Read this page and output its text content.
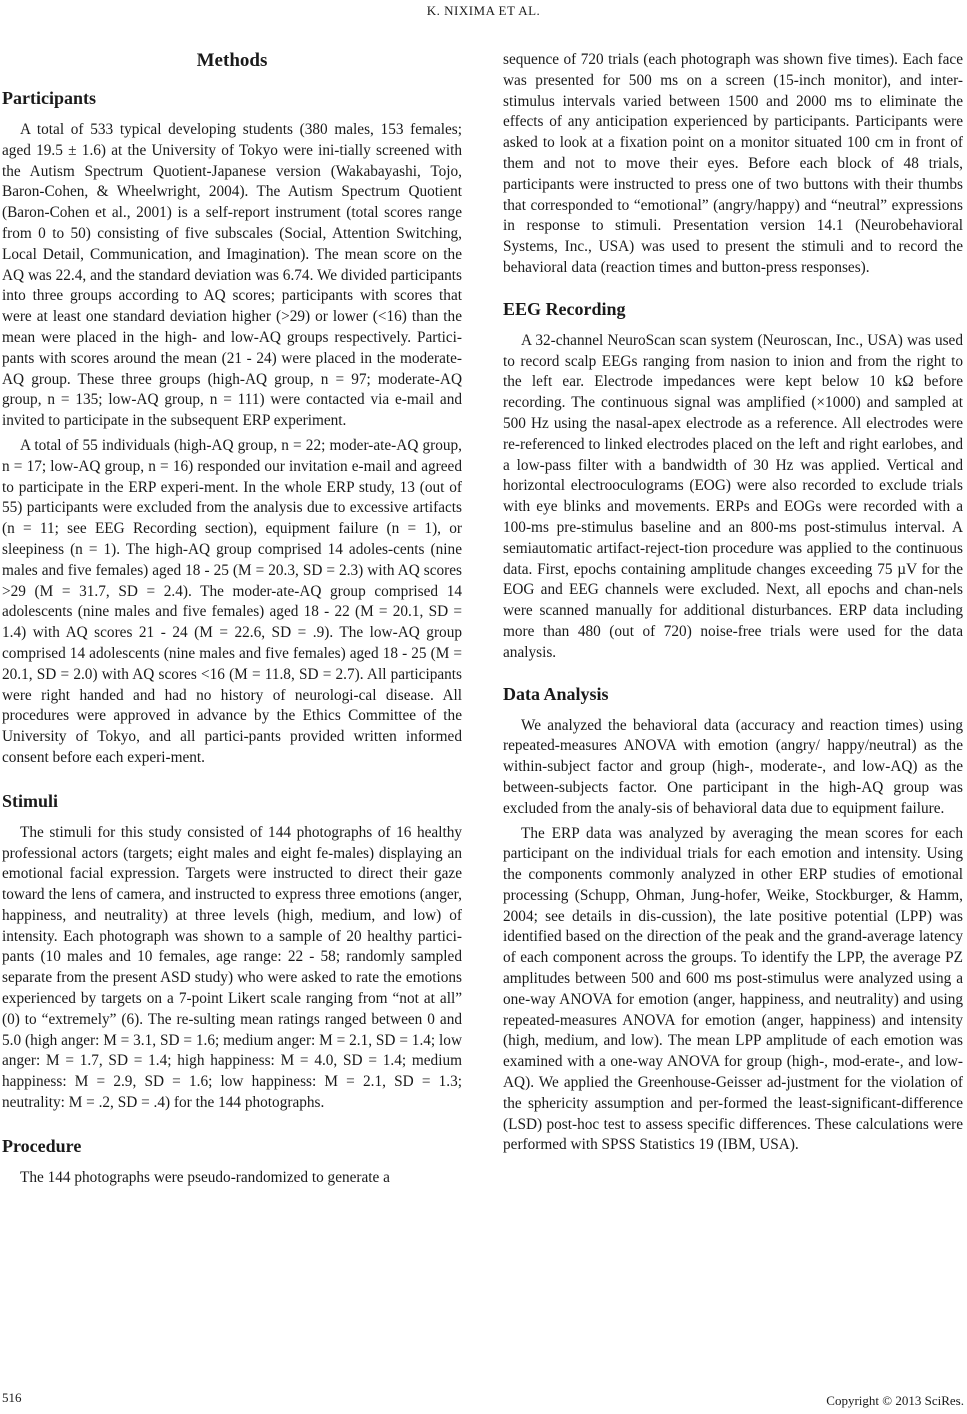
K. NIXIMA ET AL.
Methods
Participants

A total of 533 typical developing students (380 males, 153 females; aged 19.5 ± 1.6) at the University of Tokyo were ini-tially screened with the Autism Spectrum Quotient-Japanese version (Wakabayashi, Tojo, Baron-Cohen, & Wheelwright, 2004). The Autism Spectrum Quotient (Baron-Cohen et al., 2001) is a self-report instrument (total scores range from 0 to 50) consisting of five subscales (Social, Attention Switching, Local Detail, Communication, and Imagination). The mean score on the AQ was 22.4, and the standard deviation was 6.74. We divided participants into three groups according to AQ scores; participants with scores that were at least one standard deviation higher (>29) or lower (<16) than the mean were placed in the high- and low-AQ groups respectively. Partici-pants with scores around the mean (21 - 24) were placed in the moderate-AQ group. These three groups (high-AQ group, n = 97; moderate-AQ group, n = 135; low-AQ group, n = 111) were contacted via e-mail and invited to participate in the subsequent ERP experiment.

A total of 55 individuals (high-AQ group, n = 22; moder-ate-AQ group, n = 17; low-AQ group, n = 16) responded our invitation e-mail and agreed to participate in the ERP experi-ment. In the whole ERP study, 13 (out of 55) participants were excluded from the analysis due to excessive artifacts (n = 11; see EEG Recording section), equipment failure (n = 1), or sleepiness (n = 1). The high-AQ group comprised 14 adoles-cents (nine males and five females) aged 18 - 25 (M = 20.3, SD = 2.3) with AQ scores >29 (M = 31.7, SD = 2.4). The moder-ate-AQ group comprised 14 adolescents (nine males and five females) aged 18 - 22 (M = 20.1, SD = 1.4) with AQ scores 21 - 24 (M = 22.6, SD = .9). The low-AQ group comprised 14 adolescents (nine males and five females) aged 18 - 25 (M = 20.1, SD = 2.0) with AQ scores <16 (M = 11.8, SD = 2.7). All participants were right handed and had no history of neurologi-cal disease. All procedures were approved in advance by the Ethics Committee of the University of Tokyo, and all partici-pants provided written informed consent before each experi-ment.

Stimuli

The stimuli for this study consisted of 144 photographs of 16 healthy professional actors (targets; eight males and eight fe-males) displaying an emotional facial expression. Targets were instructed to direct their gaze toward the lens of camera, and instructed to express three emotions (anger, happiness, and neutrality) at three levels (high, medium, and low) of intensity. Each photograph was shown to a sample of 20 healthy partici-pants (10 males and 10 females, age range: 22 - 58; randomly sampled separate from the present ASD study) who were asked to rate the emotions experienced by targets on a 7-point Likert scale ranging from “not at all” (0) to “extremely” (6). The re-sulting mean ratings ranged between 0 and 5.0 (high anger: M = 3.1, SD = 1.6; medium anger: M = 2.1, SD = 1.4; low anger: M = 1.7, SD = 1.4; high happiness: M = 4.0, SD = 1.4; medium happiness: M = 2.9, SD = 1.6; low happiness: M = 2.1, SD = 1.3; neutrality: M = .2, SD = .4) for the 144 photographs.

Procedure

The 144 photographs were pseudo-randomized to generate a

sequence of 720 trials (each photograph was shown five times). Each face was presented for 500 ms on a screen (15-inch monitor), and inter-stimulus intervals varied between 1500 and 2000 ms to eliminate the effects of any anticipation experienced by participants. Participants were asked to look at a fixation point on a monitor situated 100 cm in front of them and not to move their eyes. Before each block of 48 trials, participants were instructed to press one of two buttons with their thumbs that corresponded to “emotional” (angry/happy) and “neutral” expressions in response to stimuli. Presentation version 14.1 (Neurobehavioral Systems, Inc., USA) was used to present the stimuli and to record the behavioral data (reaction times and button-press responses).

EEG Recording

A 32-channel NeuroScan scan system (Neuroscan, Inc., USA) was used to record scalp EEGs ranging from nasion to inion and from the right to the left ear. Electrode impedances were kept below 10 kΩ before recording. The continuous signal was amplified (×1000) and sampled at 500 Hz using the nasal-apex electrode as a reference. All electrodes were re-referenced to linked electrodes placed on the left and right earlobes, and a low-pass filter with a bandwidth of 30 Hz was applied. Vertical and horizontal electrooculograms (EOG) were also recorded to exclude trials with eye blinks and movements. ERPs and EOGs were recorded with a 100-ms pre-stimulus baseline and an 800-ms post-stimulus interval. A semiautomatic artifact-reject-tion procedure was applied to the continuous data. First, epochs containing amplitude changes exceeding 75 µV for the EOG and EEG channels were excluded. Next, all epochs and chan-nels were scanned manually for additional disturbances. ERP data including more than 480 (out of 720) noise-free trials were used for the data analysis.

Data Analysis

We analyzed the behavioral data (accuracy and reaction times) using repeated-measures ANOVA with emotion (angry/ happy/neutral) as the within-subject factor and group (high-, moderate-, and low-AQ) as the between-subjects factor. One participant in the high-AQ group was excluded from the analy-sis of behavioral data due to equipment failure.

The ERP data was analyzed by averaging the mean scores for each participant on the individual trials for each emotion and intensity. Using the components commonly analyzed in other ERP studies of emotional processing (Schupp, Ohman, Jung-hofer, Weike, Stockburger, & Hamm, 2004; see details in dis-cussion), the late positive potential (LPP) was identified based on the direction of the peak and the grand-average latency of each component across the groups. To identify the LPP, the average PZ amplitudes between 500 and 600 ms post-stimulus were analyzed using a one-way ANOVA for emotion (anger, happiness, and neutrality) and using repeated-measures ANOVA for emotion (anger, happiness) and intensity (high, medium, and low). The mean LPP amplitude of each emotion was examined with a one-way ANOVA for group (high-, mod-erate-, and low-AQ). We applied the Greenhouse-Geisser ad-justment for the violation of the sphericity assumption and per-formed the least-significant-difference (LSD) post-hoc test to assess specific differences. These calculations were performed with SPSS Statistics 19 (IBM, USA).

516	Copyright © 2013 SciRes.
